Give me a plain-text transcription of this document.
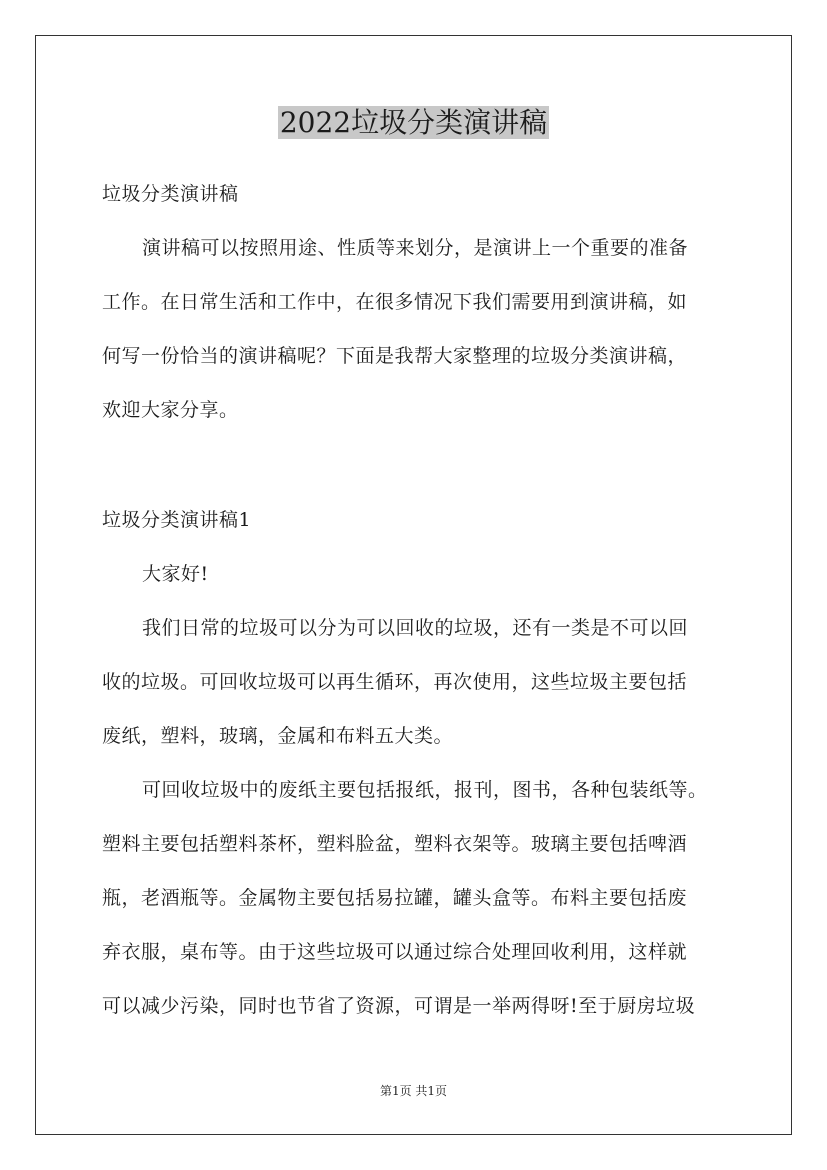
2022垃圾分类演讲稿
垃圾分类演讲稿
演讲稿可以按照用途、性质等来划分，是演讲上一个重要的准备
工作。在日常生活和工作中，在很多情况下我们需要用到演讲稿，如
何写一份恰当的演讲稿呢？下面是我帮大家整理的垃圾分类演讲稿，
欢迎大家分享。
垃圾分类演讲稿1
大家好!
我们日常的垃圾可以分为可以回收的垃圾，还有一类是不可以回
收的垃圾。可回收垃圾可以再生循环，再次使用，这些垃圾主要包括
废纸，塑料，玻璃，金属和布料五大类。
可回收垃圾中的废纸主要包括报纸，报刊，图书，各种包装纸等。
塑料主要包括塑料茶杯，塑料脸盆，塑料衣架等。玻璃主要包括啤酒
瓶，老酒瓶等。金属物主要包括易拉罐，罐头盒等。布料主要包括废
弃衣服，桌布等。由于这些垃圾可以通过综合处理回收利用，这样就
可以减少污染，同时也节省了资源，可谓是一举两得呀!至于厨房垃圾
第1页 共1页
